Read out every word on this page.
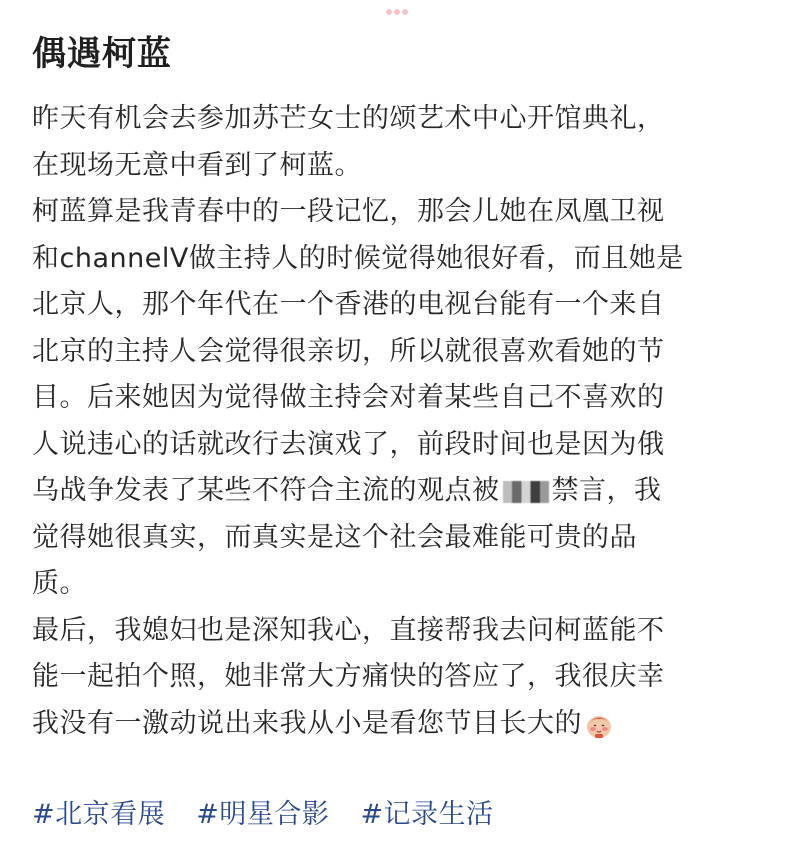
偶遇柯蓝
昨天有机会去参加苏芒女士的颂艺术中心开馆典礼，
在现场无意中看到了柯蓝。
柯蓝算是我青春中的一段记忆，那会儿她在凤凰卫视
和channelV做主持人的时候觉得她很好看，而且她是
北京人，那个年代在一个香港的电视台能有一个来自
北京的主持人会觉得很亲切，所以就很喜欢看她的节
目。后来她因为觉得做主持会对着某些自己不喜欢的
人说违心的话就改行去演戏了，前段时间也是因为俄
乌战争发表了某些不符合主流的观点被 禁言，我
觉得她很真实，而真实是这个社会最难能可贵的品
质。
最后，我媳妇也是深知我心，直接帮我去问柯蓝能不
能一起拍个照，她非常大方痛快的答应了，我很庆幸
我没有一激动说出来我从小是看您节目长大的
#北京看展 #明星合影 #记录生活
